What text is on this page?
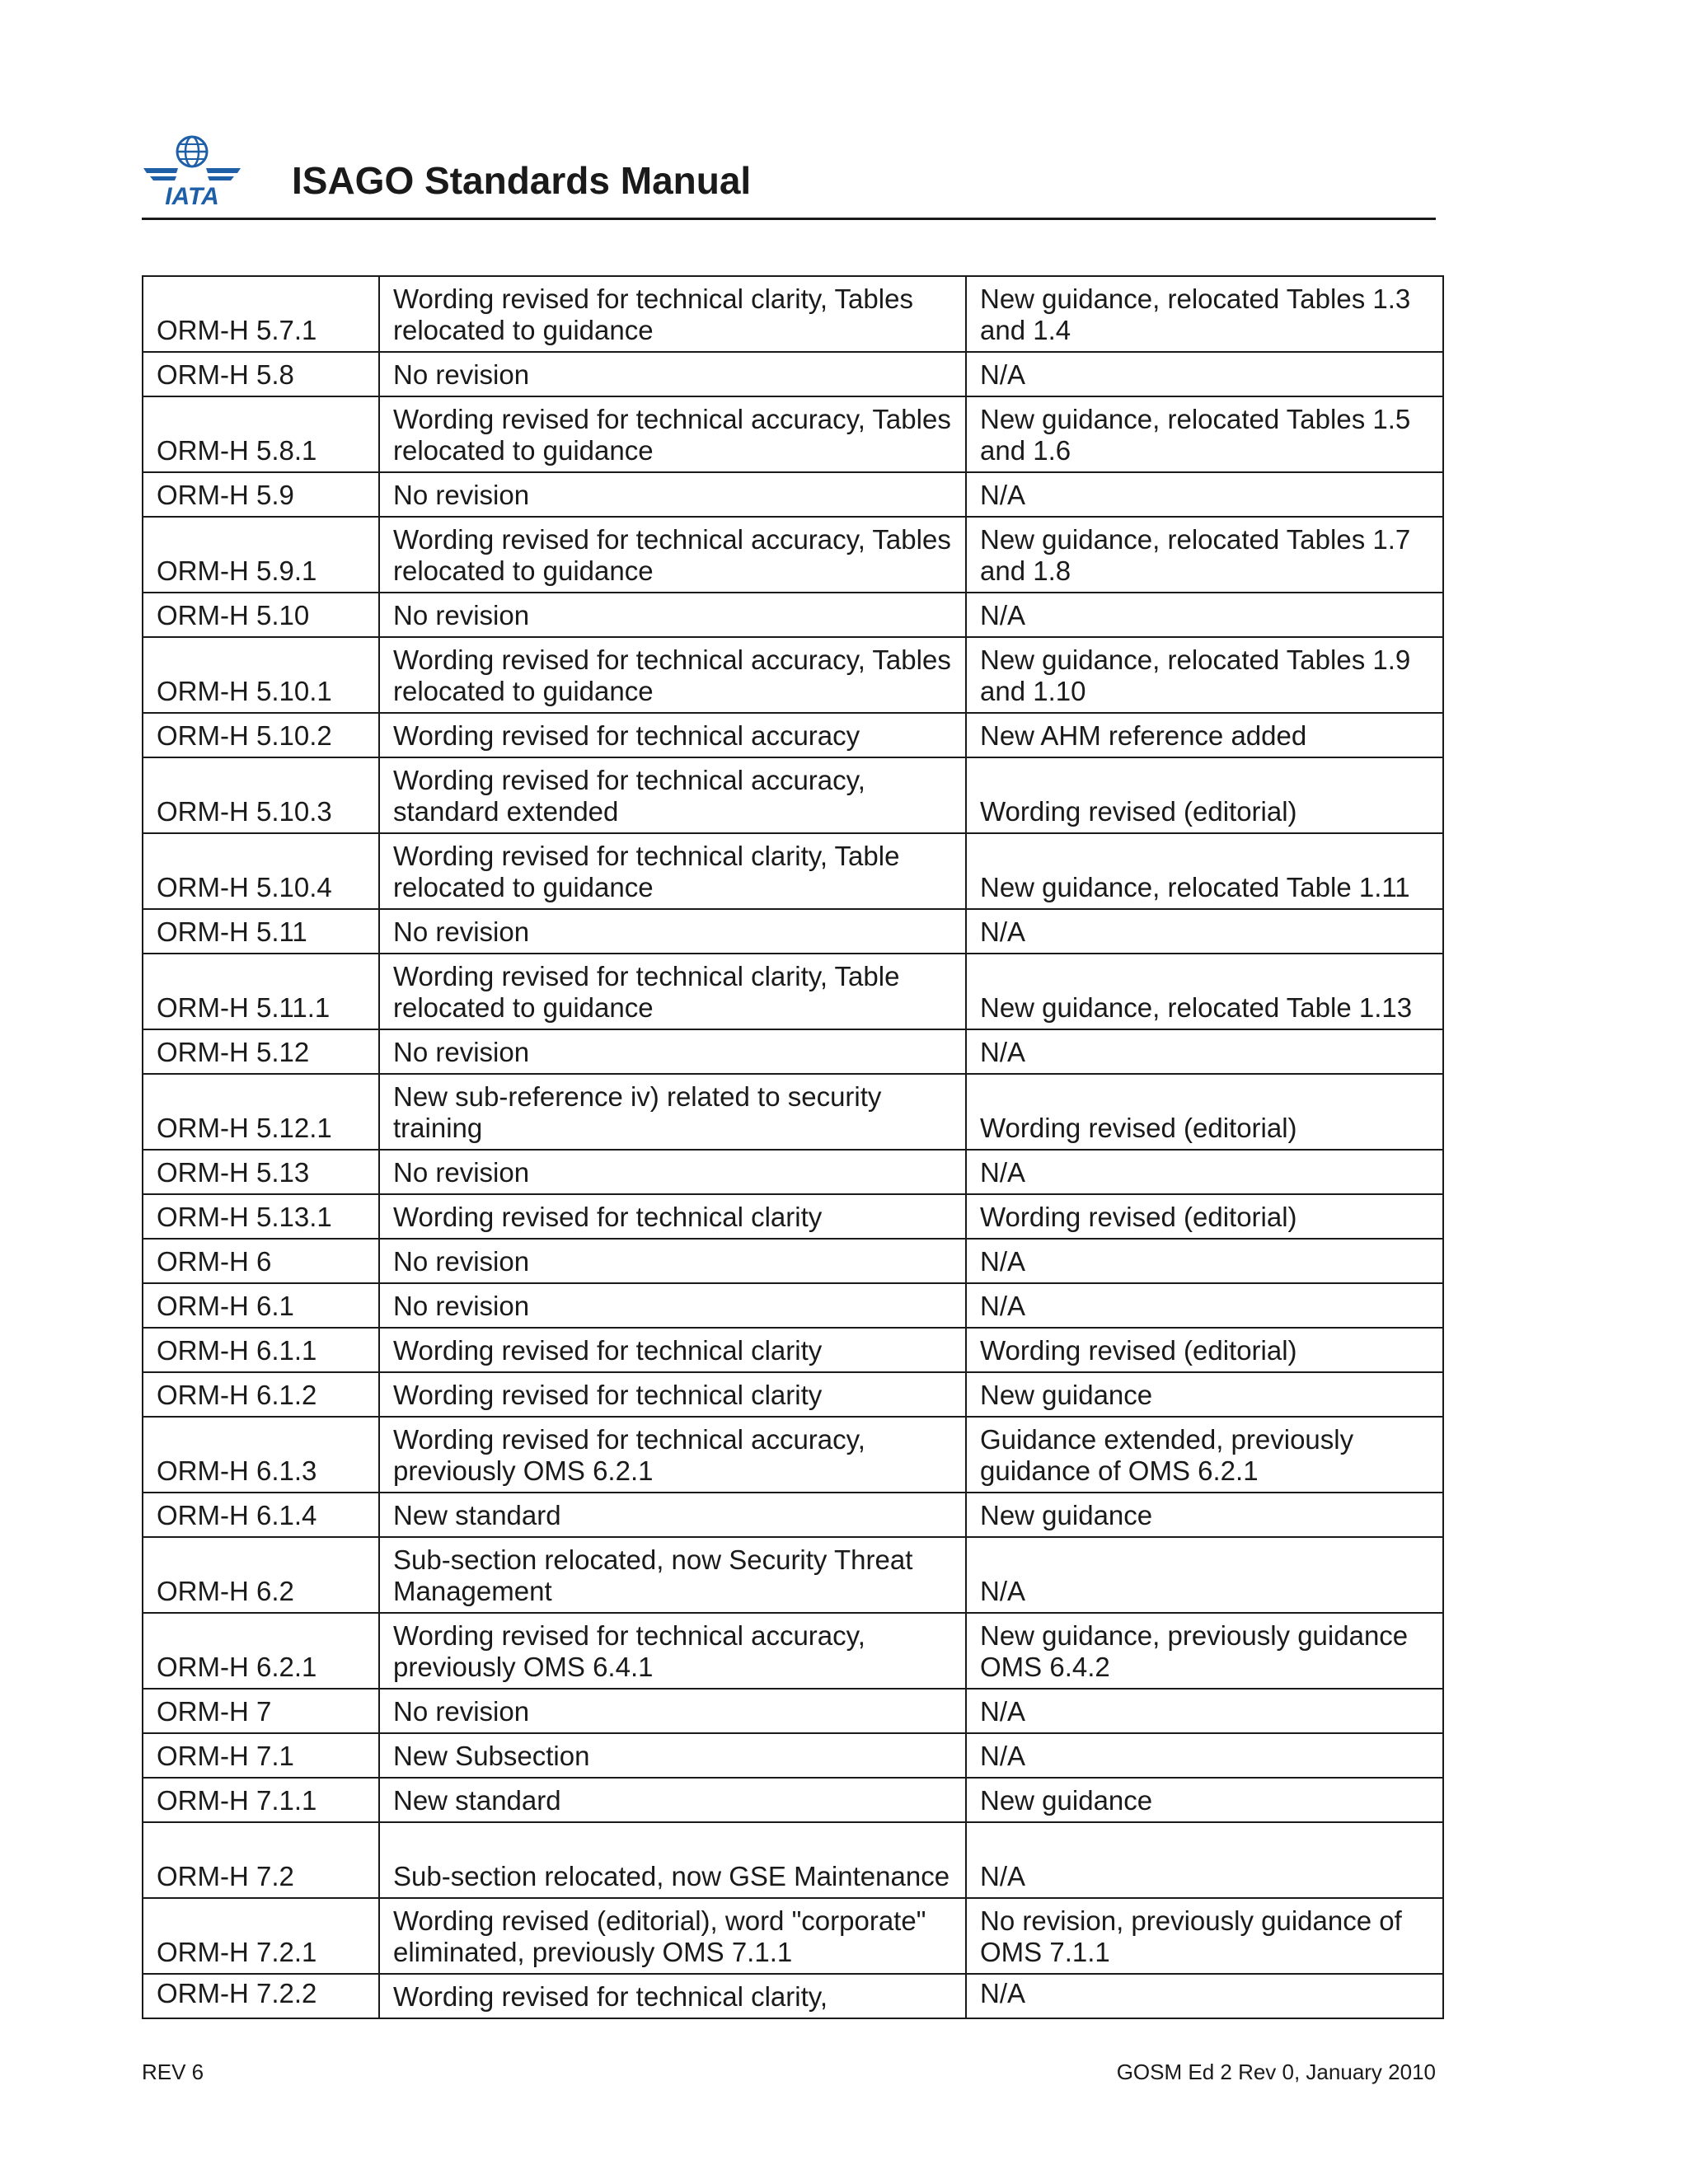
IATA ISAGO Standards Manual
ORM-H 5.7.1	Wording revised for technical clarity, Tables relocated to guidance	New guidance, relocated Tables 1.3 and 1.4
ORM-H 5.8	No revision	N/A
ORM-H 5.8.1	Wording revised for technical accuracy, Tables relocated to guidance	New guidance, relocated Tables 1.5 and 1.6
ORM-H 5.9	No revision	N/A
ORM-H 5.9.1	Wording revised for technical accuracy, Tables relocated to guidance	New guidance, relocated Tables 1.7 and 1.8
ORM-H 5.10	No revision	N/A
ORM-H 5.10.1	Wording revised for technical accuracy, Tables relocated to guidance	New guidance, relocated Tables 1.9 and 1.10
ORM-H 5.10.2	Wording revised for technical accuracy	New AHM reference added
ORM-H 5.10.3	Wording revised for technical accuracy, standard extended	Wording revised (editorial)
ORM-H 5.10.4	Wording revised for technical clarity, Table relocated to guidance	New guidance, relocated Table 1.11
ORM-H 5.11	No revision	N/A
ORM-H 5.11.1	Wording revised for technical clarity, Table relocated to guidance	New guidance, relocated Table 1.13
ORM-H 5.12	No revision	N/A
ORM-H 5.12.1	New sub-reference iv) related to security training	Wording revised (editorial)
ORM-H 5.13	No revision	N/A
ORM-H 5.13.1	Wording revised for technical clarity	Wording revised (editorial)
ORM-H 6	No revision	N/A
ORM-H 6.1	No revision	N/A
ORM-H 6.1.1	Wording revised for technical clarity	Wording revised (editorial)
ORM-H 6.1.2	Wording revised for technical clarity	New guidance
ORM-H 6.1.3	Wording revised for technical accuracy, previously OMS 6.2.1	Guidance extended, previously guidance of OMS 6.2.1
ORM-H 6.1.4	New standard	New guidance
ORM-H 6.2	Sub-section relocated, now Security Threat Management	N/A
ORM-H 6.2.1	Wording revised for technical accuracy, previously OMS 6.4.1	New guidance, previously guidance OMS 6.4.2
ORM-H 7	No revision	N/A
ORM-H 7.1	New Subsection	N/A
ORM-H 7.1.1	New standard	New guidance
ORM-H 7.2	Sub-section relocated, now GSE Maintenance	N/A
ORM-H 7.2.1	Wording revised (editorial), word "corporate" eliminated, previously OMS 7.1.1	No revision, previously guidance of OMS 7.1.1
ORM-H 7.2.2	Wording revised for technical clarity,	N/A
REV 6	GOSM Ed 2 Rev 0, January 2010
